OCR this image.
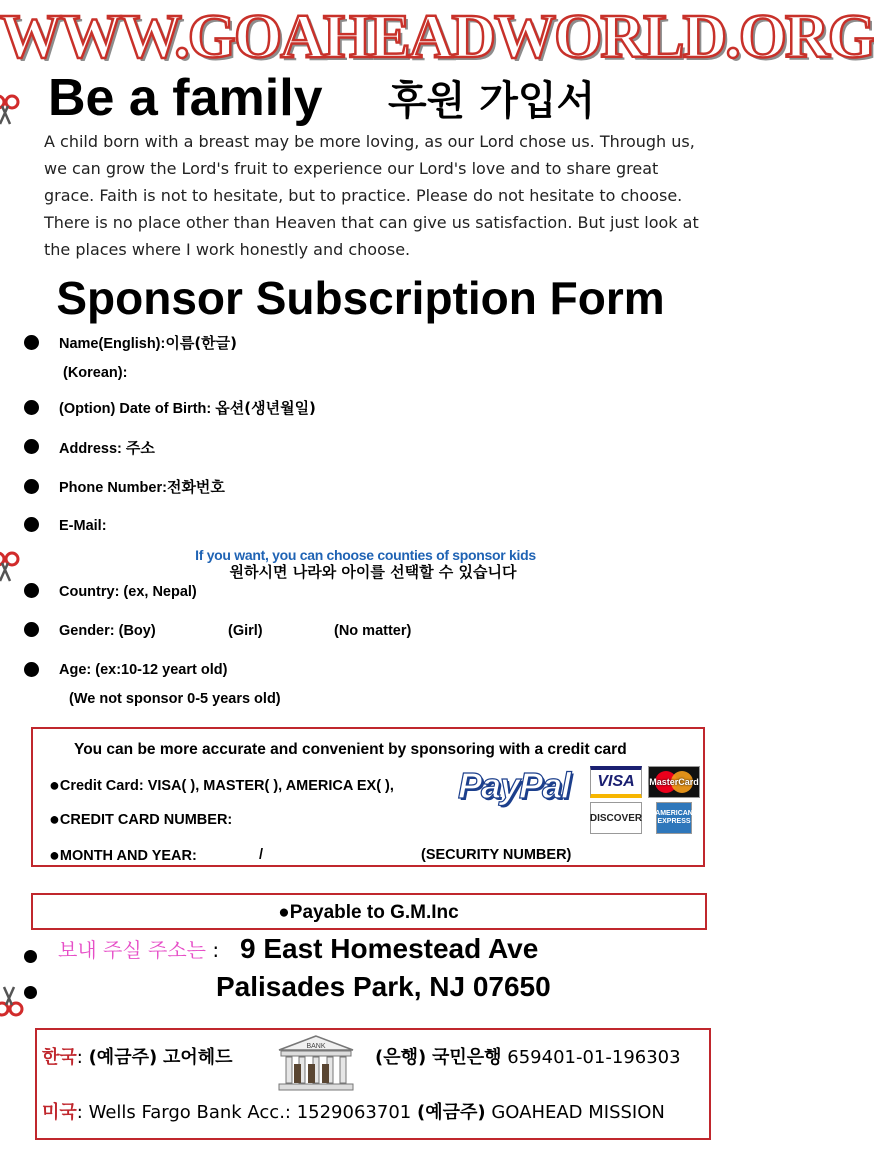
WWW.GOAHEADWORLD.ORG
Be a family 후원 가입서
A child born with a breast may be more loving, as our Lord chose us. Through us, we can grow the Lord's fruit to experience our Lord's love and to share great grace. Faith is not to hesitate, but to practice. Please do not hesitate to choose. There is no place other than Heaven that can give us satisfaction. But just look at the places where I work honestly and choose.
Sponsor Subscription Form
Name(English):이름(한글)
(Korean):
(Option) Date of Birth: 옵션(생년월일)
Address: 주소
Phone Number:전화번호
E-Mail:
If you want, you can choose counties of sponsor kids
원하시면 나라와 아이를 선택할 수 있습니다
Country: (ex, Nepal)
Gender: (Boy)	(Girl)	(No matter)
Age: (ex:10-12 yeart old)
(We not sponsor 0-5 years old)
You can be more accurate and convenient by sponsoring with a credit card
●Credit Card: VISA( ), MASTER( ), AMERICA EX( ),
●CREDIT CARD NUMBER:
●MONTH AND YEAR:	/	(SECURITY NUMBER)
PayPal	VISA	MasterCard
DISCOVER AMERICAN EXPRESS
●Payable to G.M.Inc
보내 주실 주소는 : 9 East Homestead Ave
Palisades Park, NJ 07650
한국: (예금주) 고어헤드
BANK
(은행) 국민은행 659401-01-196303
미국: Wells Fargo Bank Acc.: 1529063701 (예금주) GOAHEAD MISSION
